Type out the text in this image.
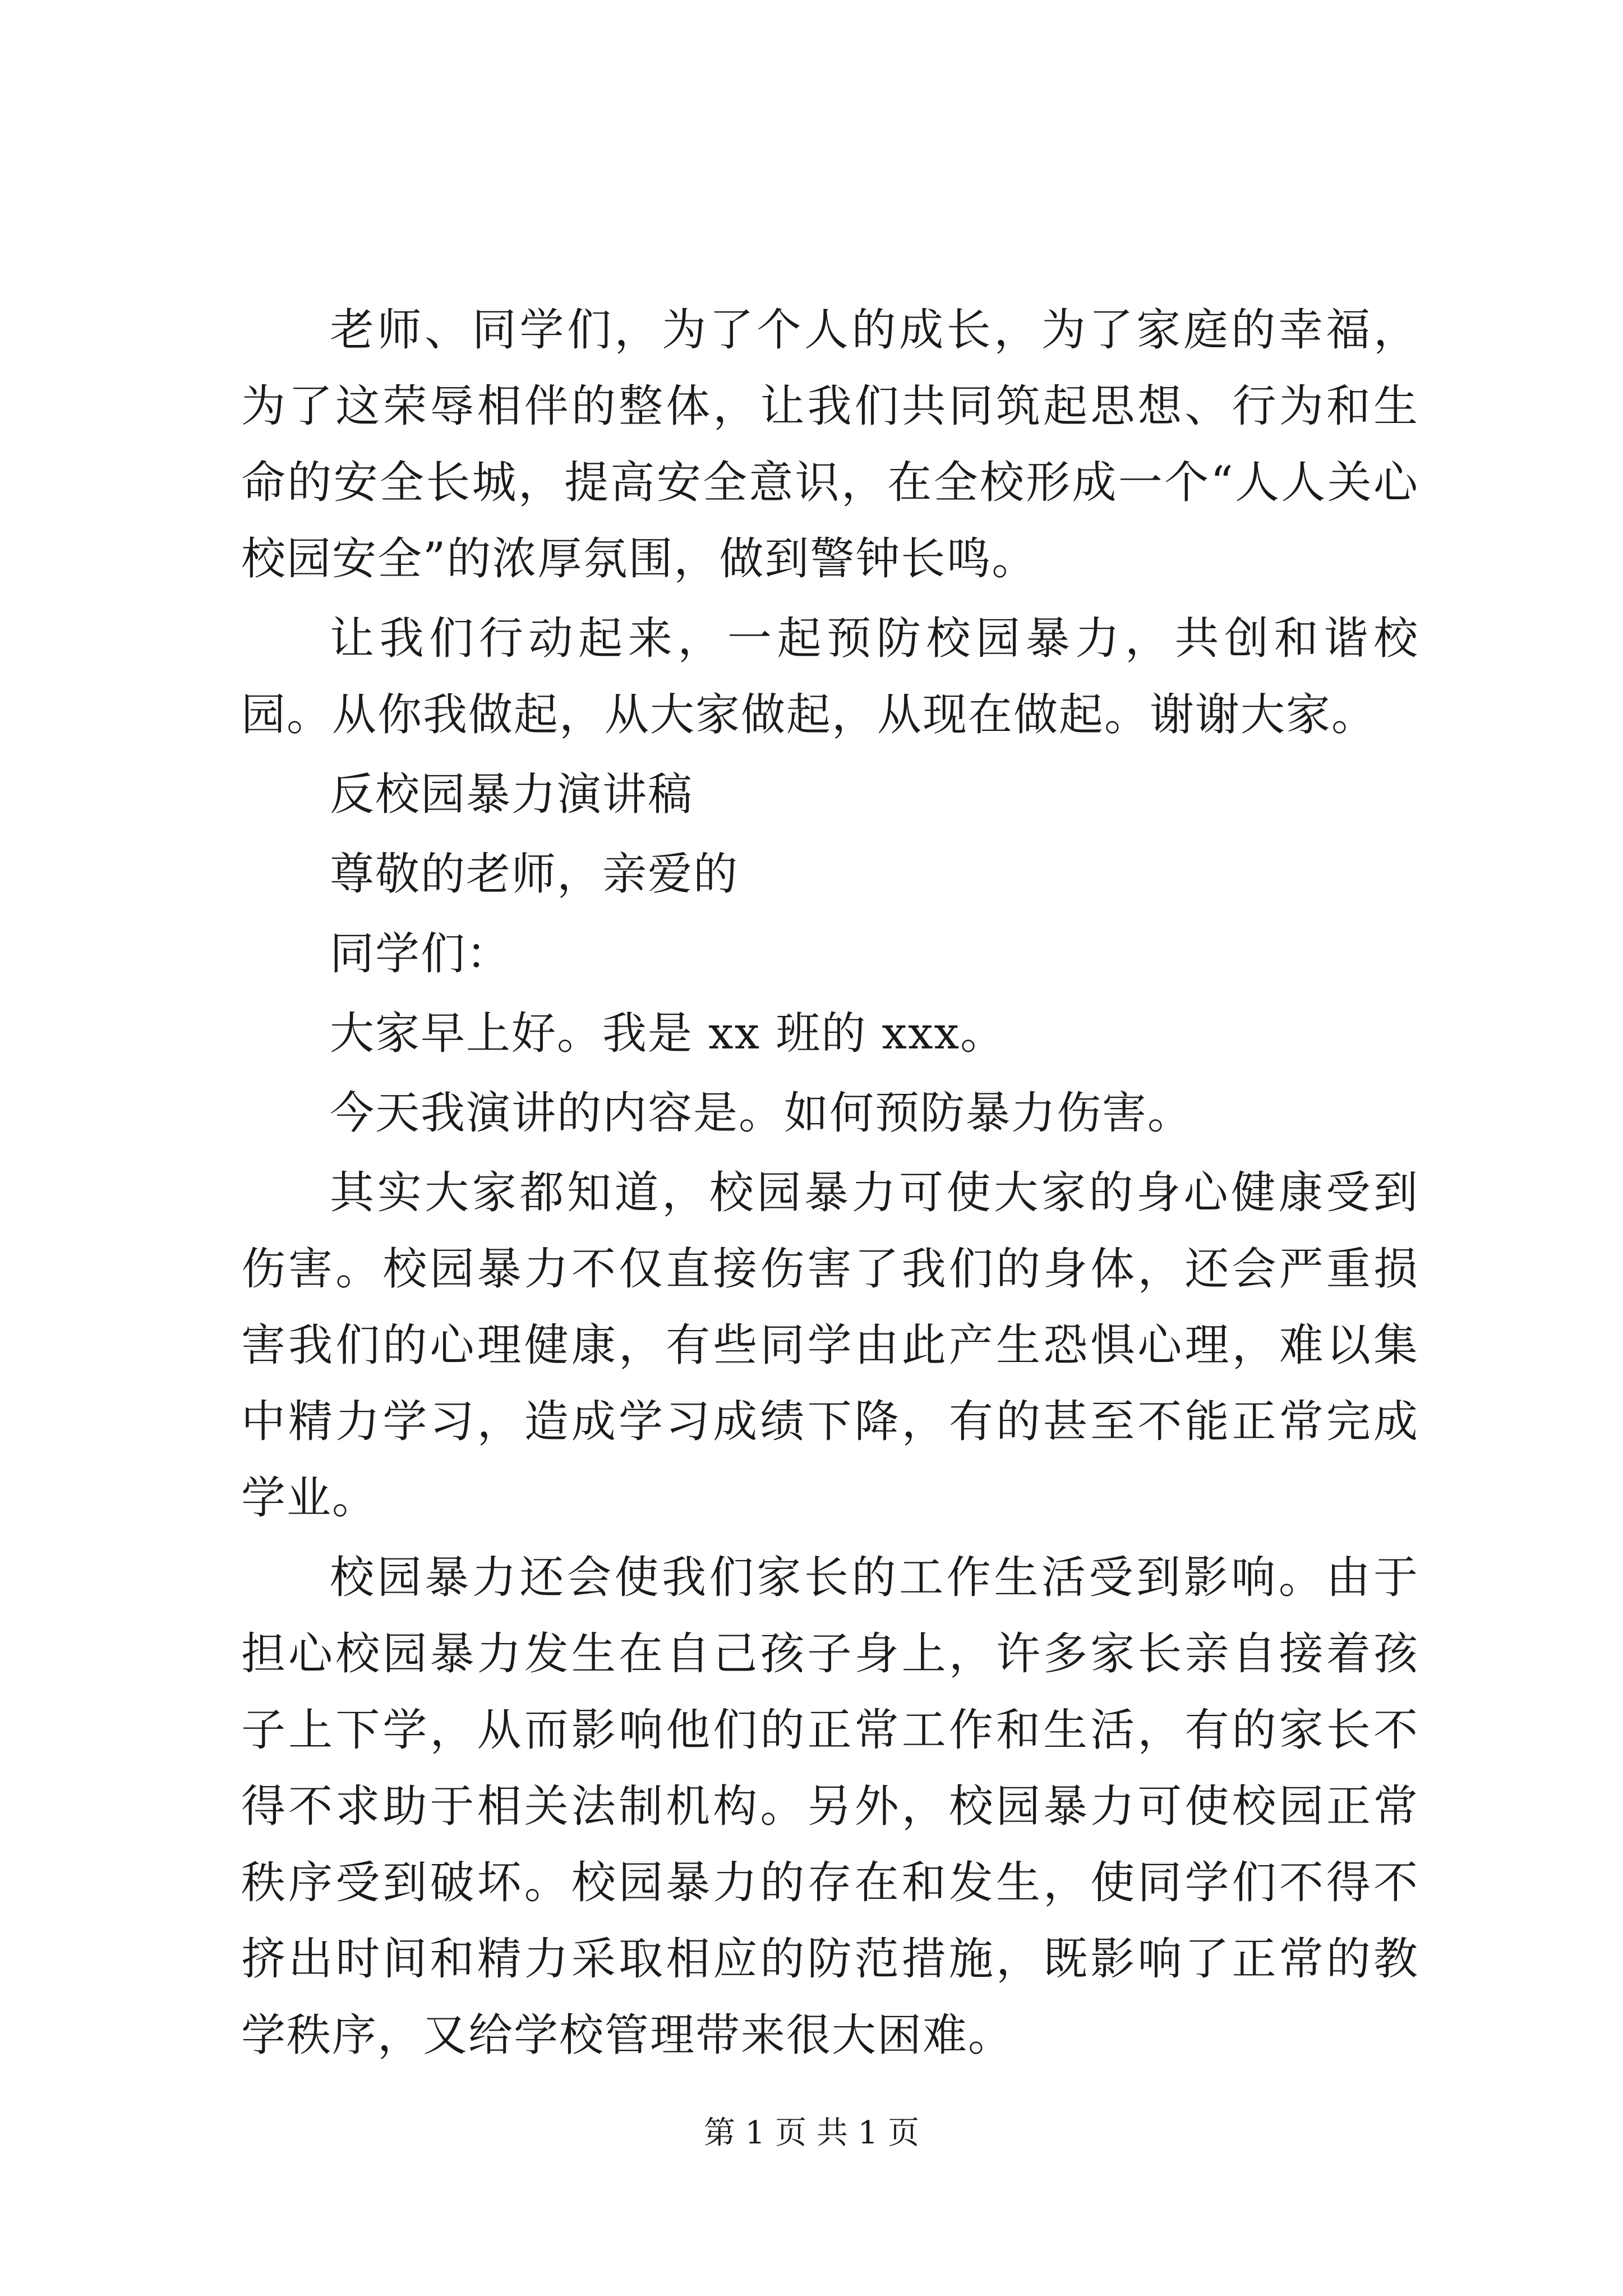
老师、同学们，为了个人的成长，为了家庭的幸福，为了这荣辱相伴的整体，让我们共同筑起思想、行为和生命的安全长城，提高安全意识，在全校形成一个“人人关心校园安全”的浓厚氛围，做到警钟长鸣。

让我们行动起来，一起预防校园暴力，共创和谐校园。从你我做起，从大家做起，从现在做起。谢谢大家。

反校园暴力演讲稿

尊敬的老师，亲爱的

同学们：

大家早上好。我是 xx 班的 xxx。

今天我演讲的内容是。如何预防暴力伤害。

其实大家都知道，校园暴力可使大家的身心健康受到伤害。校园暴力不仅直接伤害了我们的身体，还会严重损害我们的心理健康，有些同学由此产生恐惧心理，难以集中精力学习，造成学习成绩下降，有的甚至不能正常完成学业。

校园暴力还会使我们家长的工作生活受到影响。由于担心校园暴力发生在自己孩子身上，许多家长亲自接着孩子上下学，从而影响他们的正常工作和生活，有的家长不得不求助于相关法制机构。另外，校园暴力可使校园正常秩序受到破坏。校园暴力的存在和发生，使同学们不得不挤出时间和精力采取相应的防范措施，既影响了正常的教学秩序，又给学校管理带来很大困难。

第 1 页 共 1 页
